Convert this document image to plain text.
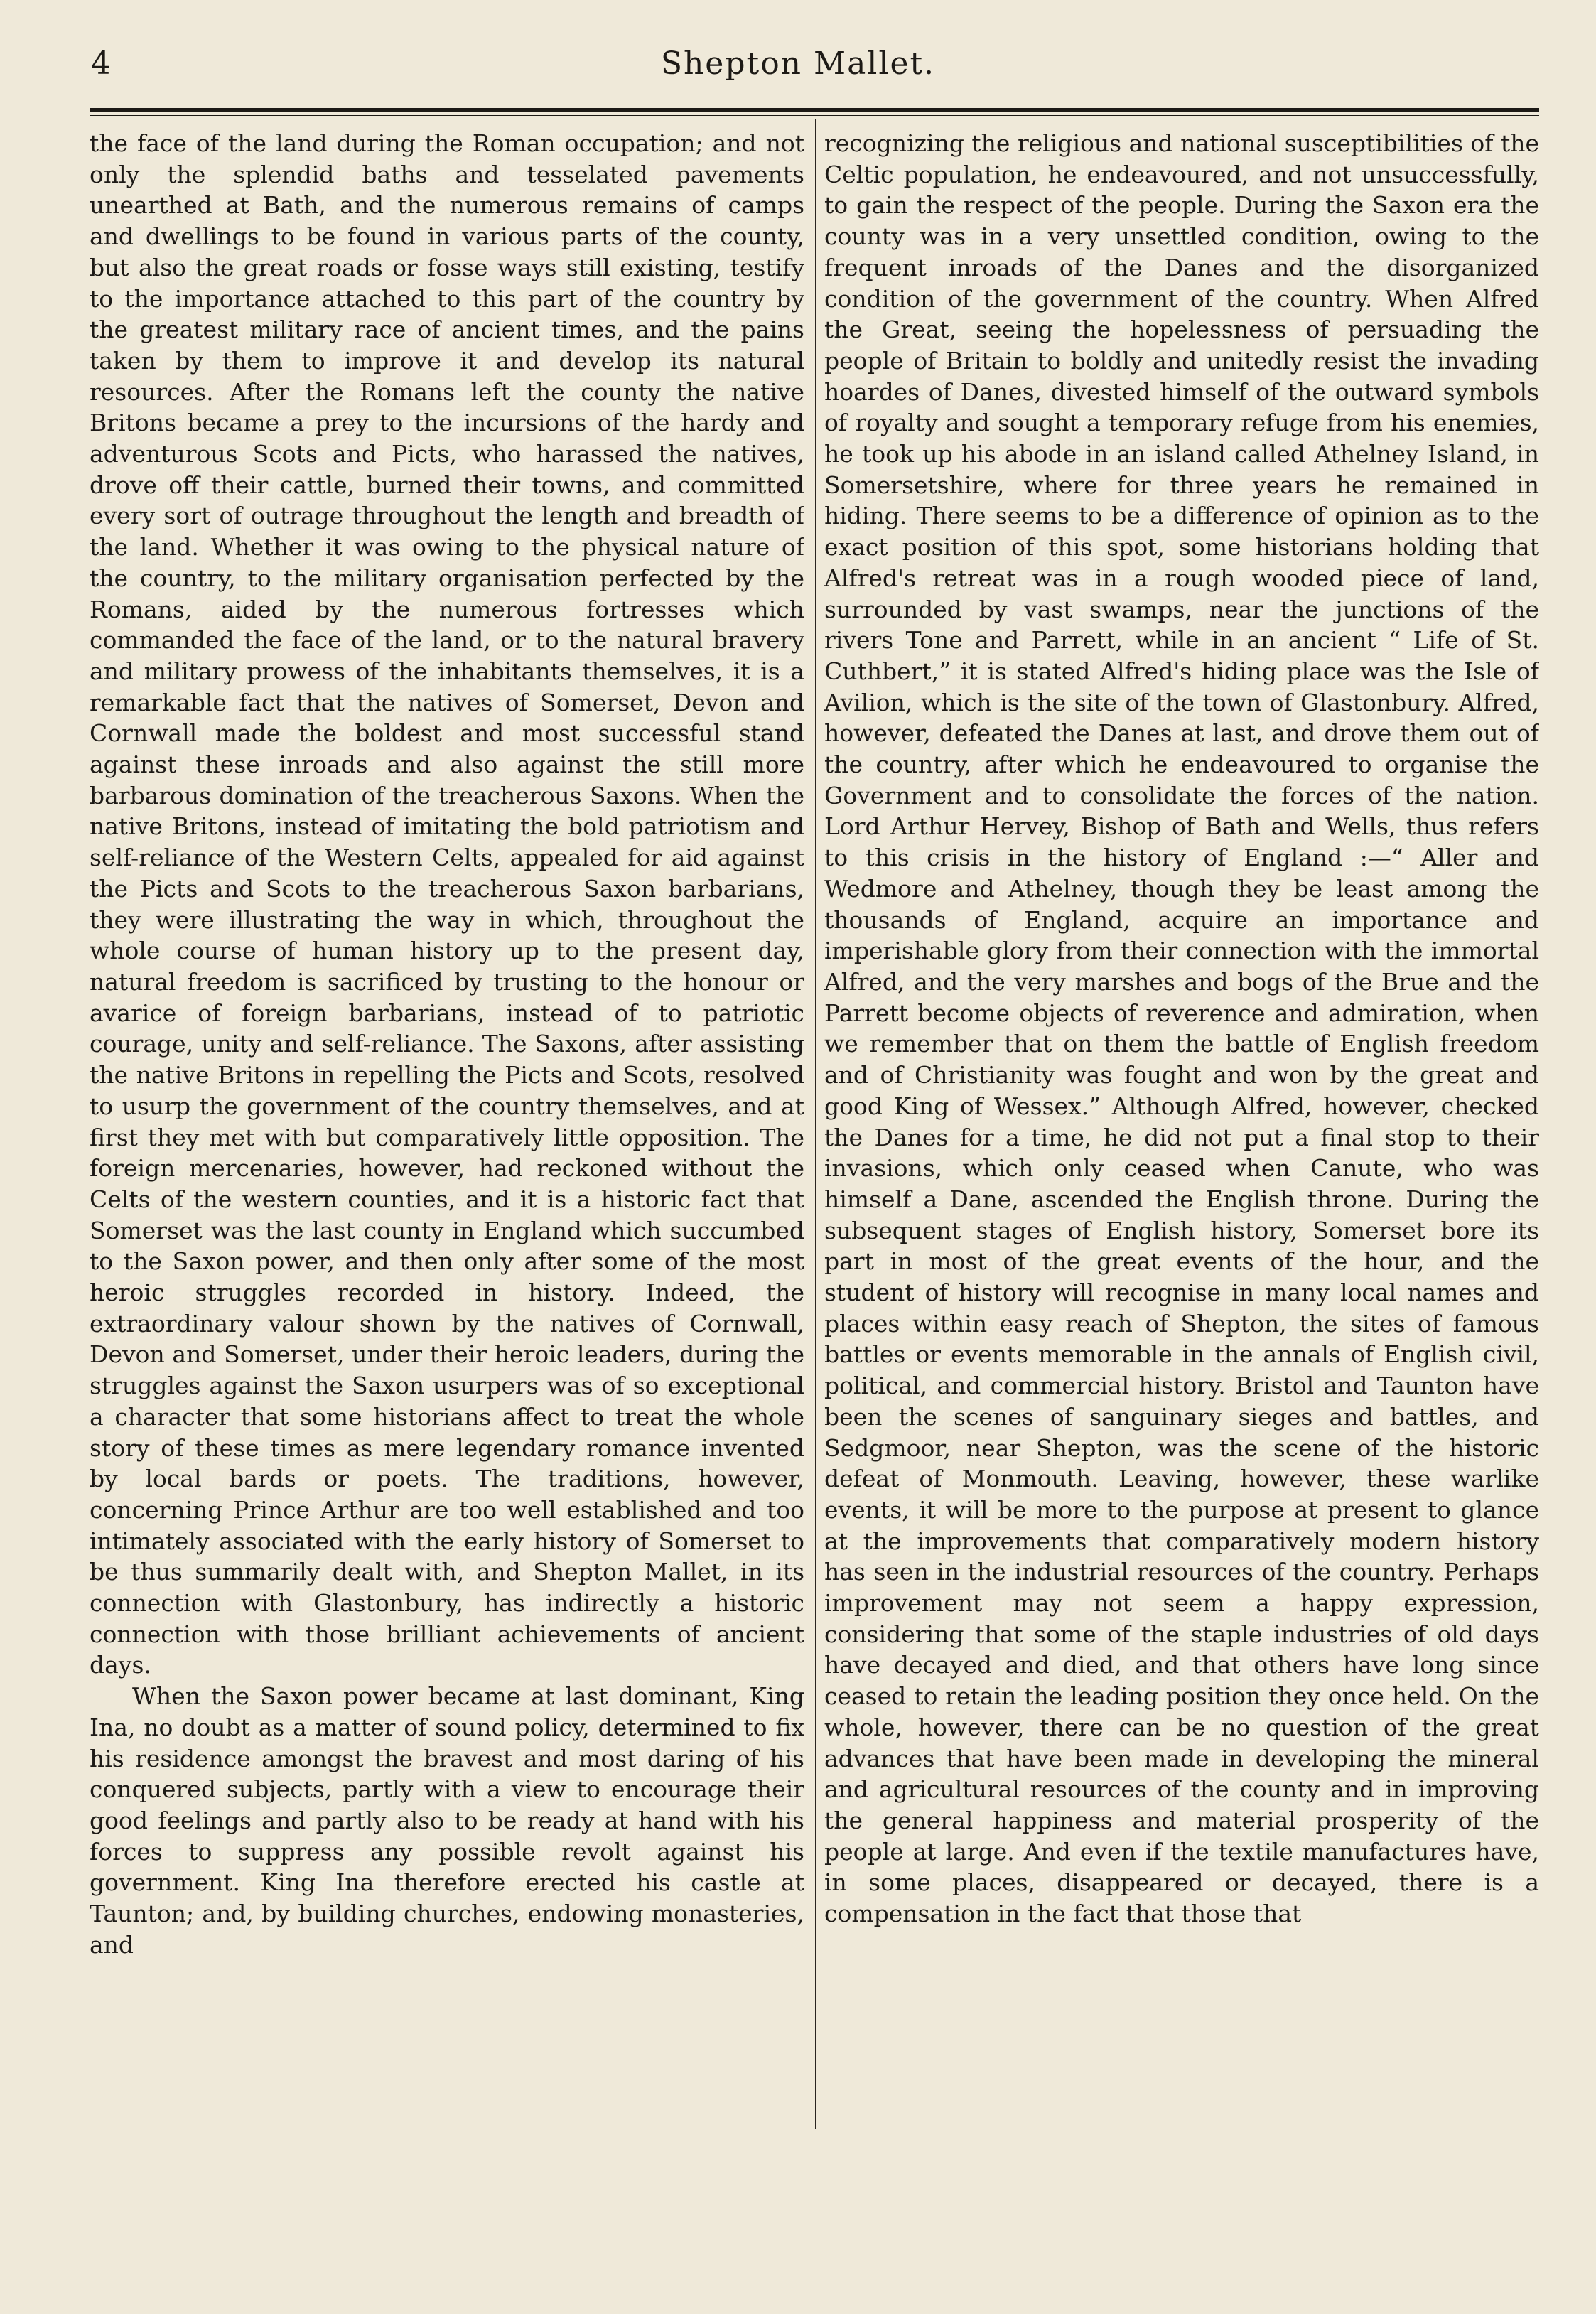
4	Shepton Mallet.

the face of the land during the Roman occupation; and not only the splendid baths and tesselated pavements unearthed at Bath, and the numerous remains of camps and dwellings to be found in various parts of the county, but also the great roads or fosse ways still existing, testify to the importance attached to this part of the country by the greatest military race of ancient times, and the pains taken by them to improve it and develop its natural resources. After the Romans left the county the native Britons became a prey to the incursions of the hardy and adventurous Scots and Picts, who harassed the natives, drove off their cattle, burned their towns, and committed every sort of outrage throughout the length and breadth of the land. Whether it was owing to the physical nature of the country, to the military organisation perfected by the Romans, aided by the numerous fortresses which commanded the face of the land, or to the natural bravery and military prowess of the inhabitants themselves, it is a remarkable fact that the natives of Somerset, Devon and Cornwall made the boldest and most successful stand against these inroads and also against the still more barbarous domination of the treacherous Saxons. When the native Britons, instead of imitating the bold patriotism and self-reliance of the Western Celts, appealed for aid against the Picts and Scots to the treacherous Saxon barbarians, they were illustrating the way in which, throughout the whole course of human history up to the present day, natural freedom is sacrificed by trusting to the honour or avarice of foreign barbarians, instead of to patriotic courage, unity and self-reliance. The Saxons, after assisting the native Britons in repelling the Picts and Scots, resolved to usurp the government of the country themselves, and at first they met with but comparatively little opposition. The foreign mercenaries, however, had reckoned without the Celts of the western counties, and it is a historic fact that Somerset was the last county in England which succumbed to the Saxon power, and then only after some of the most heroic struggles recorded in history. Indeed, the extraordinary valour shown by the natives of Cornwall, Devon and Somerset, under their heroic leaders, during the struggles against the Saxon usurpers was of so exceptional a character that some historians affect to treat the whole story of these times as mere legendary romance invented by local bards or poets. The traditions, however, concerning Prince Arthur are too well established and too intimately associated with the early history of Somerset to be thus summarily dealt with, and Shepton Mallet, in its connection with Glastonbury, has indirectly a historic connection with those brilliant achievements of ancient days.

When the Saxon power became at last dominant, King Ina, no doubt as a matter of sound policy, determined to fix his residence amongst the bravest and most daring of his conquered subjects, partly with a view to encourage their good feelings and partly also to be ready at hand with his forces to suppress any possible revolt against his government. King Ina therefore erected his castle at Taunton; and, by building churches, endowing monasteries, and

recognizing the religious and national susceptibilities of the Celtic population, he endeavoured, and not unsuccessfully, to gain the respect of the people. During the Saxon era the county was in a very unsettled condition, owing to the frequent inroads of the Danes and the disorganized condition of the government of the country. When Alfred the Great, seeing the hopelessness of persuading the people of Britain to boldly and unitedly resist the invading hoardes of Danes, divested himself of the outward symbols of royalty and sought a temporary refuge from his enemies, he took up his abode in an island called Athelney Island, in Somersetshire, where for three years he remained in hiding. There seems to be a difference of opinion as to the exact position of this spot, some historians holding that Alfred's retreat was in a rough wooded piece of land, surrounded by vast swamps, near the junctions of the rivers Tone and Parrett, while in an ancient “ Life of St. Cuthbert,” it is stated Alfred's hiding place was the Isle of Avilion, which is the site of the town of Glastonbury. Alfred, however, defeated the Danes at last, and drove them out of the country, after which he endeavoured to organise the Government and to consolidate the forces of the nation. Lord Arthur Hervey, Bishop of Bath and Wells, thus refers to this crisis in the history of England :—“ Aller and Wedmore and Athelney, though they be least among the thousands of England, acquire an importance and imperishable glory from their connection with the immortal Alfred, and the very marshes and bogs of the Brue and the Parrett become objects of reverence and admiration, when we remember that on them the battle of English freedom and of Christianity was fought and won by the great and good King of Wessex.” Although Alfred, however, checked the Danes for a time, he did not put a final stop to their invasions, which only ceased when Canute, who was himself a Dane, ascended the English throne. During the subsequent stages of English history, Somerset bore its part in most of the great events of the hour, and the student of history will recognise in many local names and places within easy reach of Shepton, the sites of famous battles or events memorable in the annals of English civil, political, and commercial history. Bristol and Taunton have been the scenes of sanguinary sieges and battles, and Sedgmoor, near Shepton, was the scene of the historic defeat of Monmouth. Leaving, however, these warlike events, it will be more to the purpose at present to glance at the improvements that comparatively modern history has seen in the industrial resources of the country. Perhaps improvement may not seem a happy expression, considering that some of the staple industries of old days have decayed and died, and that others have long since ceased to retain the leading position they once held. On the whole, however, there can be no question of the great advances that have been made in developing the mineral and agricultural resources of the county and in improving the general happiness and material prosperity of the people at large. And even if the textile manufactures have, in some places, disappeared or decayed, there is a compensation in the fact that those that
